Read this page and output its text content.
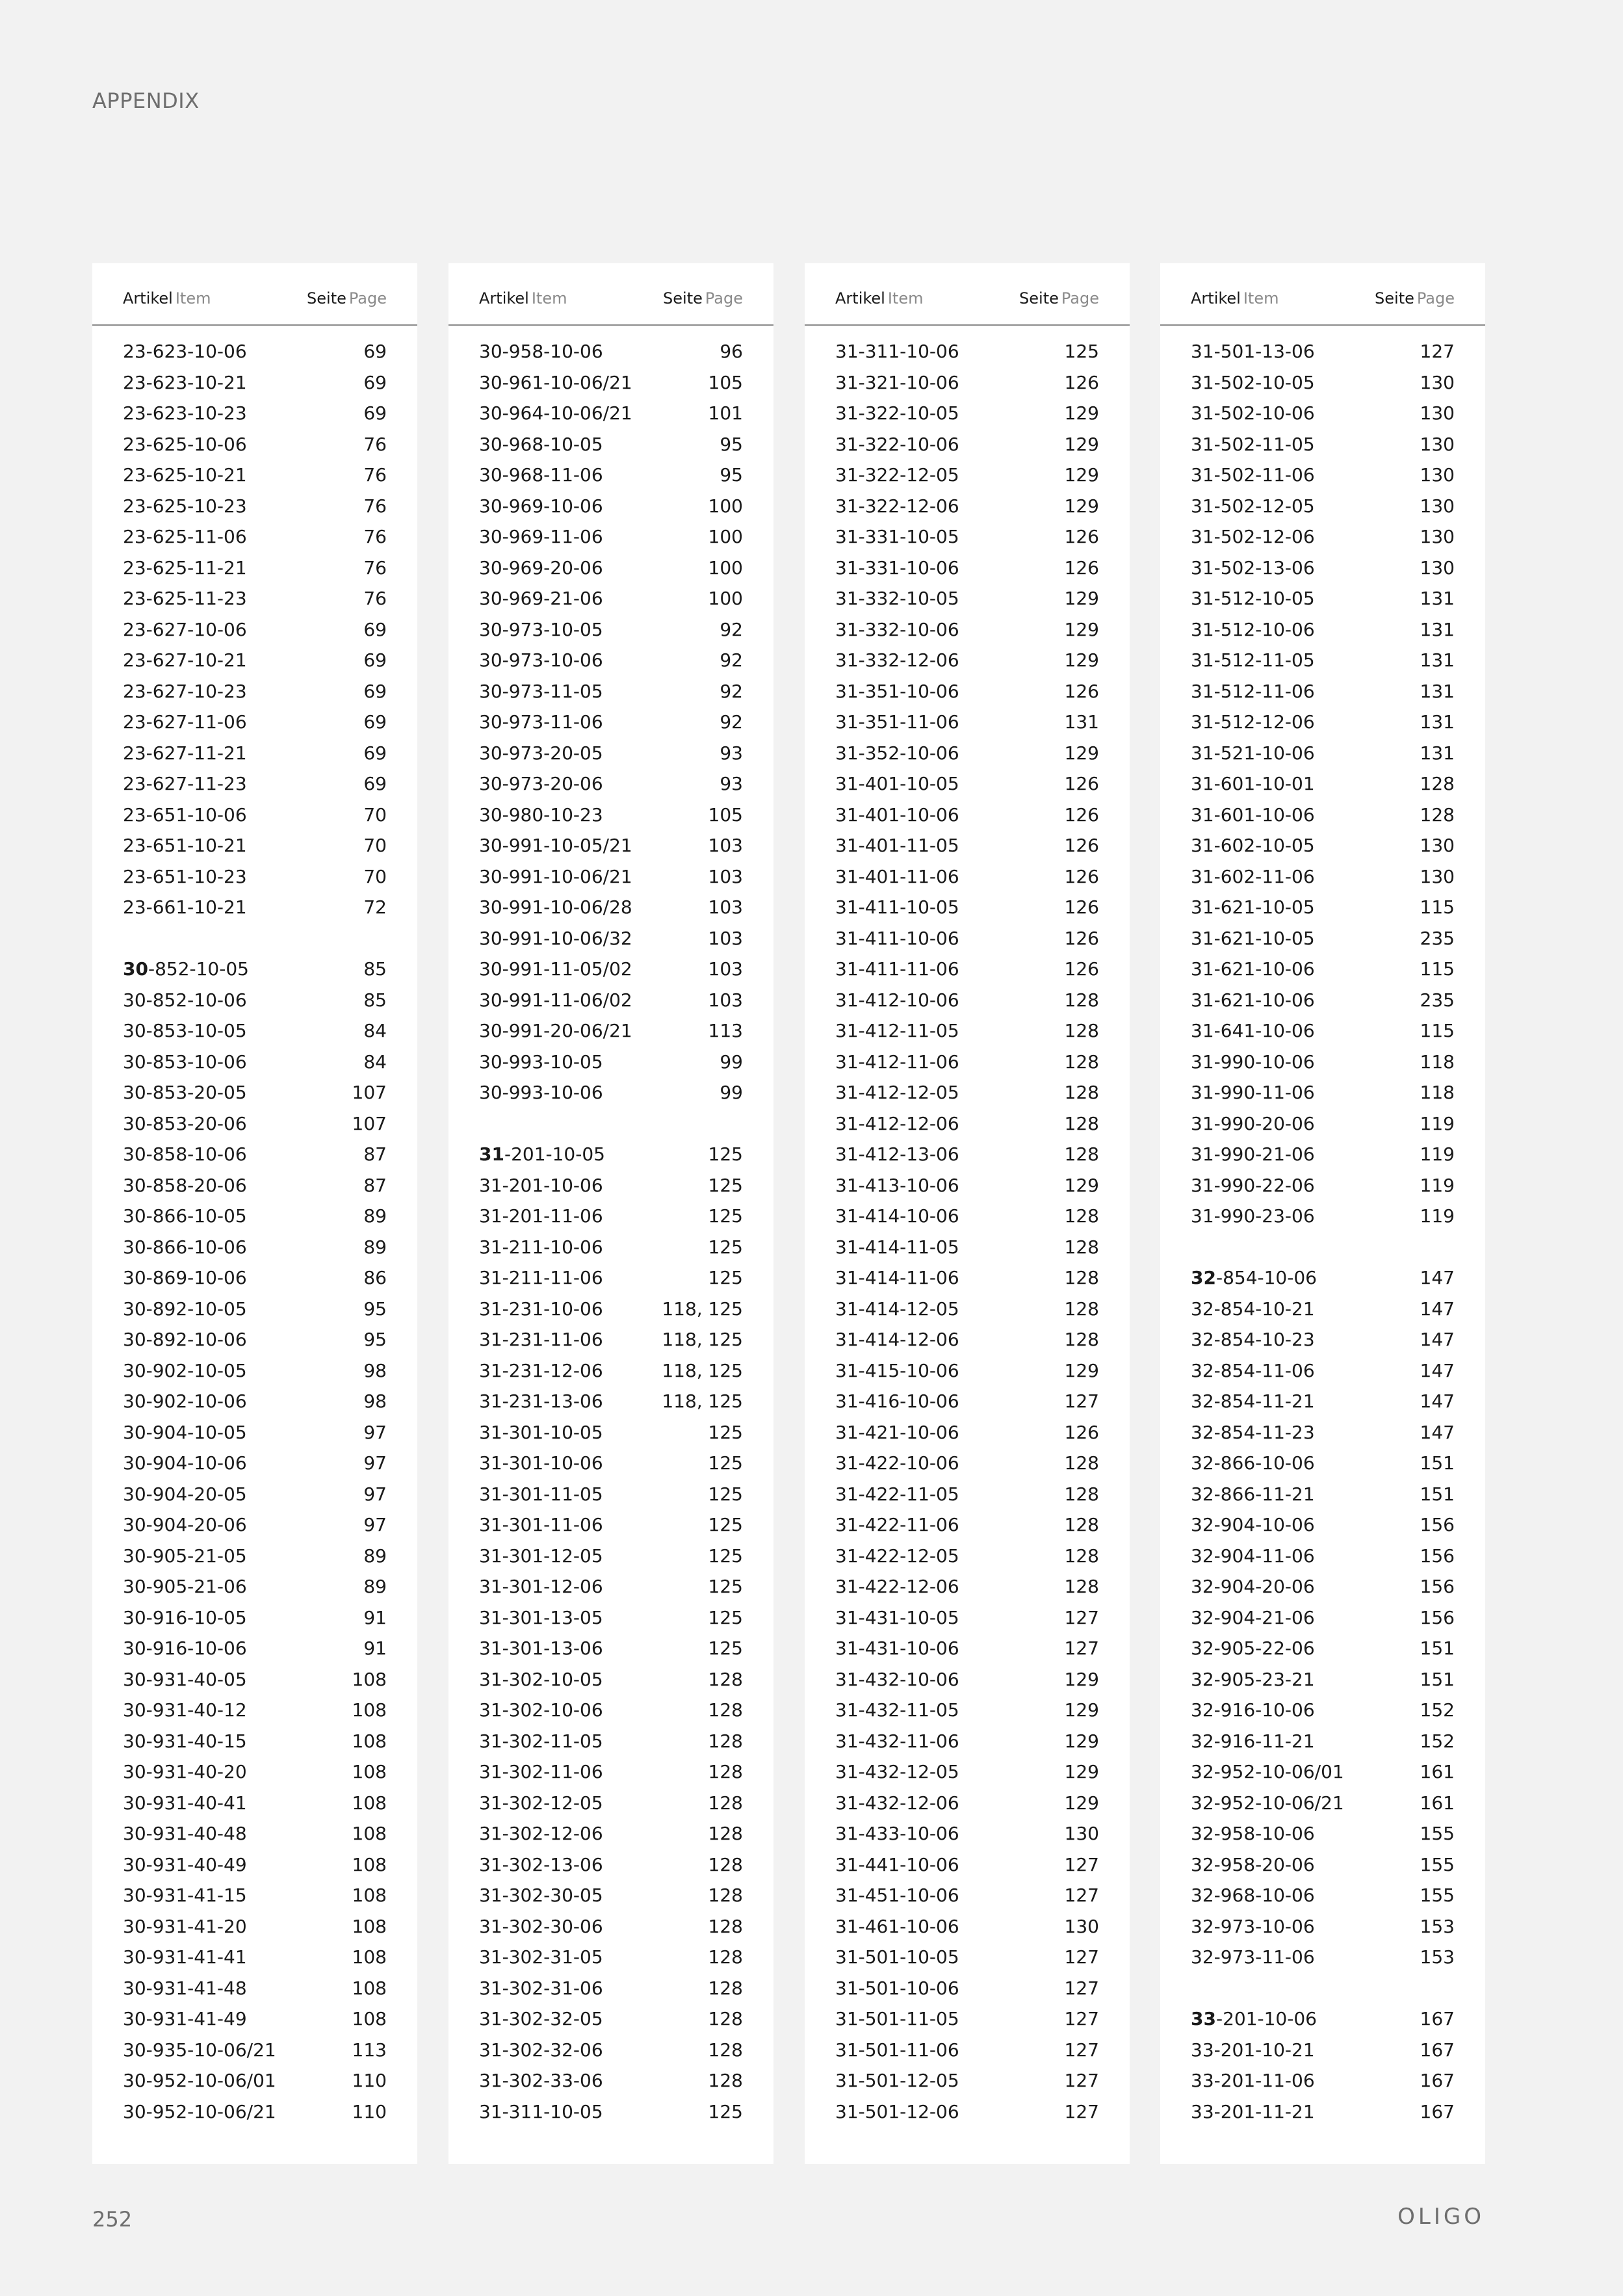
APPENDIX
Artikel Item	Seite Page
23-623-10-06	69
23-623-10-21	69
23-623-10-23	69
23-625-10-06	76
23-625-10-21	76
23-625-10-23	76
23-625-11-06	76
23-625-11-21	76
23-625-11-23	76
23-627-10-06	69
23-627-10-21	69
23-627-10-23	69
23-627-11-06	69
23-627-11-21	69
23-627-11-23	69
23-651-10-06	70
23-651-10-21	70
23-651-10-23	70
23-661-10-21	72
30-852-10-05	85
30-852-10-06	85
30-853-10-05	84
30-853-10-06	84
30-853-20-05	107
30-853-20-06	107
30-858-10-06	87
30-858-20-06	87
30-866-10-05	89
30-866-10-06	89
30-869-10-06	86
30-892-10-05	95
30-892-10-06	95
30-902-10-05	98
30-902-10-06	98
30-904-10-05	97
30-904-10-06	97
30-904-20-05	97
30-904-20-06	97
30-905-21-05	89
30-905-21-06	89
30-916-10-05	91
30-916-10-06	91
30-931-40-05	108
30-931-40-12	108
30-931-40-15	108
30-931-40-20	108
30-931-40-41	108
30-931-40-48	108
30-931-40-49	108
30-931-41-15	108
30-931-41-20	108
30-931-41-41	108
30-931-41-48	108
30-931-41-49	108
30-935-10-06/21	113
30-952-10-06/01	110
30-952-10-06/21	110
Artikel Item	Seite Page
30-958-10-06	96
30-961-10-06/21	105
30-964-10-06/21	101
30-968-10-05	95
30-968-11-06	95
30-969-10-06	100
30-969-11-06	100
30-969-20-06	100
30-969-21-06	100
30-973-10-05	92
30-973-10-06	92
30-973-11-05	92
30-973-11-06	92
30-973-20-05	93
30-973-20-06	93
30-980-10-23	105
30-991-10-05/21	103
30-991-10-06/21	103
30-991-10-06/28	103
30-991-10-06/32	103
30-991-11-05/02	103
30-991-11-06/02	103
30-991-20-06/21	113
30-993-10-05	99
30-993-10-06	99
31-201-10-05	125
31-201-10-06	125
31-201-11-06	125
31-211-10-06	125
31-211-11-06	125
31-231-10-06	118, 125
31-231-11-06	118, 125
31-231-12-06	118, 125
31-231-13-06	118, 125
31-301-10-05	125
31-301-10-06	125
31-301-11-05	125
31-301-11-06	125
31-301-12-05	125
31-301-12-06	125
31-301-13-05	125
31-301-13-06	125
31-302-10-05	128
31-302-10-06	128
31-302-11-05	128
31-302-11-06	128
31-302-12-05	128
31-302-12-06	128
31-302-13-06	128
31-302-30-05	128
31-302-30-06	128
31-302-31-05	128
31-302-31-06	128
31-302-32-05	128
31-302-32-06	128
31-302-33-06	128
31-311-10-05	125
Artikel Item	Seite Page
31-311-10-06	125
31-321-10-06	126
31-322-10-05	129
31-322-10-06	129
31-322-12-05	129
31-322-12-06	129
31-331-10-05	126
31-331-10-06	126
31-332-10-05	129
31-332-10-06	129
31-332-12-06	129
31-351-10-06	126
31-351-11-06	131
31-352-10-06	129
31-401-10-05	126
31-401-10-06	126
31-401-11-05	126
31-401-11-06	126
31-411-10-05	126
31-411-10-06	126
31-411-11-06	126
31-412-10-06	128
31-412-11-05	128
31-412-11-06	128
31-412-12-05	128
31-412-12-06	128
31-412-13-06	128
31-413-10-06	129
31-414-10-06	128
31-414-11-05	128
31-414-11-06	128
31-414-12-05	128
31-414-12-06	128
31-415-10-06	129
31-416-10-06	127
31-421-10-06	126
31-422-10-06	128
31-422-11-05	128
31-422-11-06	128
31-422-12-05	128
31-422-12-06	128
31-431-10-05	127
31-431-10-06	127
31-432-10-06	129
31-432-11-05	129
31-432-11-06	129
31-432-12-05	129
31-432-12-06	129
31-433-10-06	130
31-441-10-06	127
31-451-10-06	127
31-461-10-06	130
31-501-10-05	127
31-501-10-06	127
31-501-11-05	127
31-501-11-06	127
31-501-12-05	127
31-501-12-06	127
Artikel Item	Seite Page
31-501-13-06	127
31-502-10-05	130
31-502-10-06	130
31-502-11-05	130
31-502-11-06	130
31-502-12-05	130
31-502-12-06	130
31-502-13-06	130
31-512-10-05	131
31-512-10-06	131
31-512-11-05	131
31-512-11-06	131
31-512-12-06	131
31-521-10-06	131
31-601-10-01	128
31-601-10-06	128
31-602-10-05	130
31-602-11-06	130
31-621-10-05	115
31-621-10-05	235
31-621-10-06	115
31-621-10-06	235
31-641-10-06	115
31-990-10-06	118
31-990-11-06	118
31-990-20-06	119
31-990-21-06	119
31-990-22-06	119
31-990-23-06	119
32-854-10-06	147
32-854-10-21	147
32-854-10-23	147
32-854-11-06	147
32-854-11-21	147
32-854-11-23	147
32-866-10-06	151
32-866-11-21	151
32-904-10-06	156
32-904-11-06	156
32-904-20-06	156
32-904-21-06	156
32-905-22-06	151
32-905-23-21	151
32-916-10-06	152
32-916-11-21	152
32-952-10-06/01	161
32-952-10-06/21	161
32-958-10-06	155
32-958-20-06	155
32-968-10-06	155
32-973-10-06	153
32-973-11-06	153
33-201-10-06	167
33-201-10-21	167
33-201-11-06	167
33-201-11-21	167
252	OLIGO
